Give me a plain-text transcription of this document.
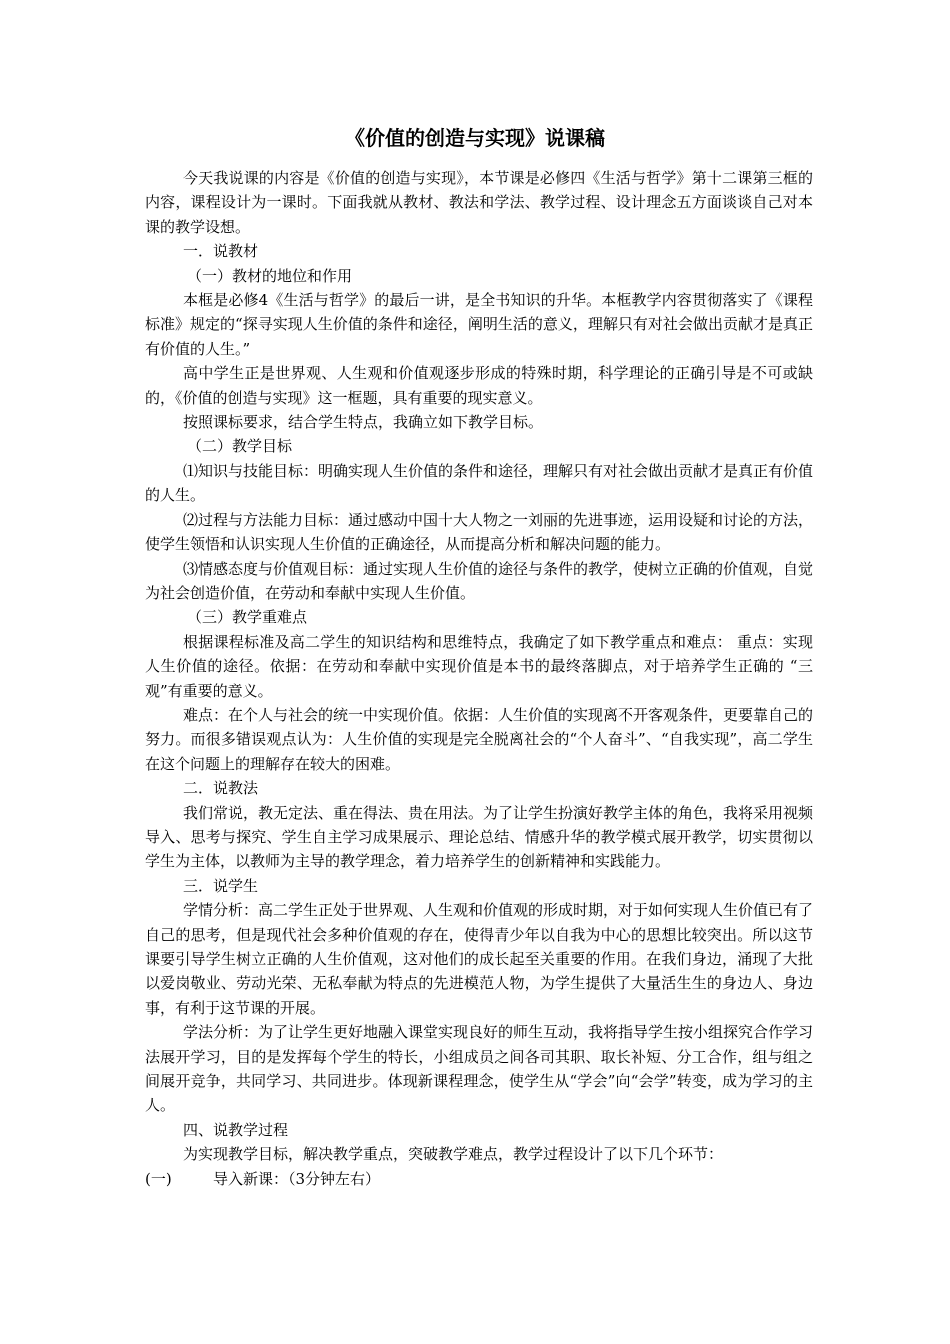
《价值的创造与实现》说课稿

今天我说课的内容是《价值的创造与实现》，本节课是必修四《生活与哲学》第十二课第三框的内容，课程设计为一课时。下面我就从教材、教法和学法、教学过程、设计理念五方面谈谈自己对本课的教学设想。

一．说教材

（一）教材的地位和作用

本框是必修4《生活与哲学》的最后一讲，是全书知识的升华。本框教学内容贯彻落实了《课程标准》规定的“探寻实现人生价值的条件和途径，阐明生活的意义，理解只有对社会做出贡献才是真正有价值的人生。”

高中学生正是世界观、人生观和价值观逐步形成的特殊时期，科学理论的正确引导是不可或缺的，《价值的创造与实现》这一框题，具有重要的现实意义。

按照课标要求，结合学生特点，我确立如下教学目标。

（二）教学目标

⑴知识与技能目标：明确实现人生价值的条件和途径，理解只有对社会做出贡献才是真正有价值的人生。

⑵过程与方法能力目标：通过感动中国十大人物之一刘丽的先进事迹，运用设疑和讨论的方法，使学生领悟和认识实现人生价值的正确途径，从而提高分析和解决问题的能力。

⑶情感态度与价值观目标：通过实现人生价值的途径与条件的教学，使树立正确的价值观，自觉为社会创造价值，在劳动和奉献中实现人生价值。

（三）教学重难点

根据课程标准及高二学生的知识结构和思维特点，我确定了如下教学重点和难点： 重点：实现人生价值的途径。依据：在劳动和奉献中实现价值是本书的最终落脚点，对于培养学生正确的 “三观”有重要的意义。

难点：在个人与社会的统一中实现价值。依据：人生价值的实现离不开客观条件，更要靠自己的努力。而很多错误观点认为：人生价值的实现是完全脱离社会的“个人奋斗”、“自我实现”，高二学生在这个问题上的理解存在较大的困难。

二．说教法

我们常说，教无定法、重在得法、贵在用法。为了让学生扮演好教学主体的角色，我将采用视频导入、思考与探究、学生自主学习成果展示、理论总结、情感升华的教学模式展开教学，切实贯彻以学生为主体，以教师为主导的教学理念，着力培养学生的创新精神和实践能力。

三．说学生

学情分析：高二学生正处于世界观、人生观和价值观的形成时期，对于如何实现人生价值已有了自己的思考，但是现代社会多种价值观的存在，使得青少年以自我为中心的思想比较突出。所以这节课要引导学生树立正确的人生价值观，这对他们的成长起至关重要的作用。在我们身边，涌现了大批以爱岗敬业、劳动光荣、无私奉献为特点的先进模范人物，为学生提供了大量活生生的身边人、身边事，有利于这节课的开展。

学法分析：为了让学生更好地融入课堂实现良好的师生互动，我将指导学生按小组探究合作学习法展开学习，目的是发挥每个学生的特长，小组成员之间各司其职、取长补短、分工合作，组与组之间展开竞争，共同学习、共同进步。体现新课程理念，使学生从“学会”向“会学”转变，成为学习的主人。

四、说教学过程

为实现教学目标，解决教学重点，突破教学难点，教学过程设计了以下几个环节：

(一)	导入新课：（3分钟左右）
